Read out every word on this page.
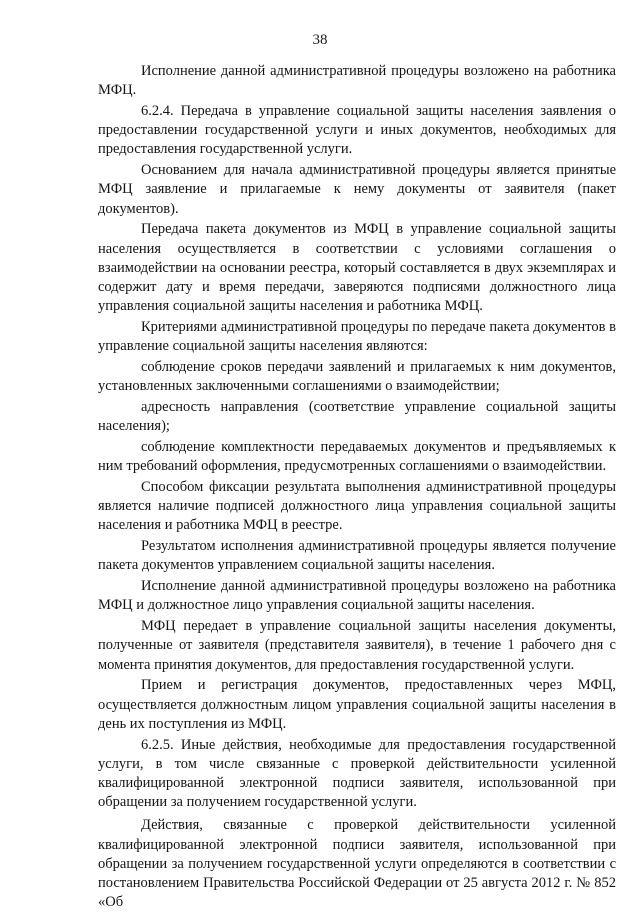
38

Исполнение данной административной процедуры возложено на работника МФЦ.

6.2.4. Передача в управление социальной защиты населения заявления о предоставлении государственной услуги и иных документов, необходимых для предоставления государственной услуги.

Основанием для начала административной процедуры является принятые МФЦ заявление и прилагаемые к нему документы от заявителя (пакет документов).

Передача пакета документов из МФЦ в управление социальной защиты населения осуществляется в соответствии с условиями соглашения о взаимодействии на основании реестра, который составляется в двух экземплярах и содержит дату и время передачи, заверяются подписями должностного лица управления социальной защиты населения и работника МФЦ.

Критериями административной процедуры по передаче пакета документов в управление социальной защиты населения являются:

соблюдение сроков передачи заявлений и прилагаемых к ним документов, установленных заключенными соглашениями о взаимодействии;

адресность направления (соответствие управление социальной защиты населения);

соблюдение комплектности передаваемых документов и предъявляемых к ним требований оформления, предусмотренных соглашениями о взаимодействии.

Способом фиксации результата выполнения административной процедуры является наличие подписей должностного лица управления социальной защиты населения и работника МФЦ в реестре.

Результатом исполнения административной процедуры является получение пакета документов управлением социальной защиты населения.

Исполнение данной административной процедуры возложено на работника МФЦ и должностное лицо управления социальной защиты населения.

МФЦ передает в управление социальной защиты населения документы, полученные от заявителя (представителя заявителя), в течение 1 рабочего дня с момента принятия документов, для предоставления государственной услуги.

Прием и регистрация документов, предоставленных через МФЦ, осуществляется должностным лицом управления социальной защиты населения в день их поступления из МФЦ.

6.2.5. Иные действия, необходимые для предоставления государственной услуги, в том числе связанные с проверкой действительности усиленной квалифицированной электронной подписи заявителя, использованной при обращении за получением государственной услуги.

Действия, связанные с проверкой действительности усиленной квалифицированной электронной подписи заявителя, использованной при обращении за получением государственной услуги определяются в соответствии с постановлением Правительства Российской Федерации от 25 августа 2012 г. № 852 «Об
